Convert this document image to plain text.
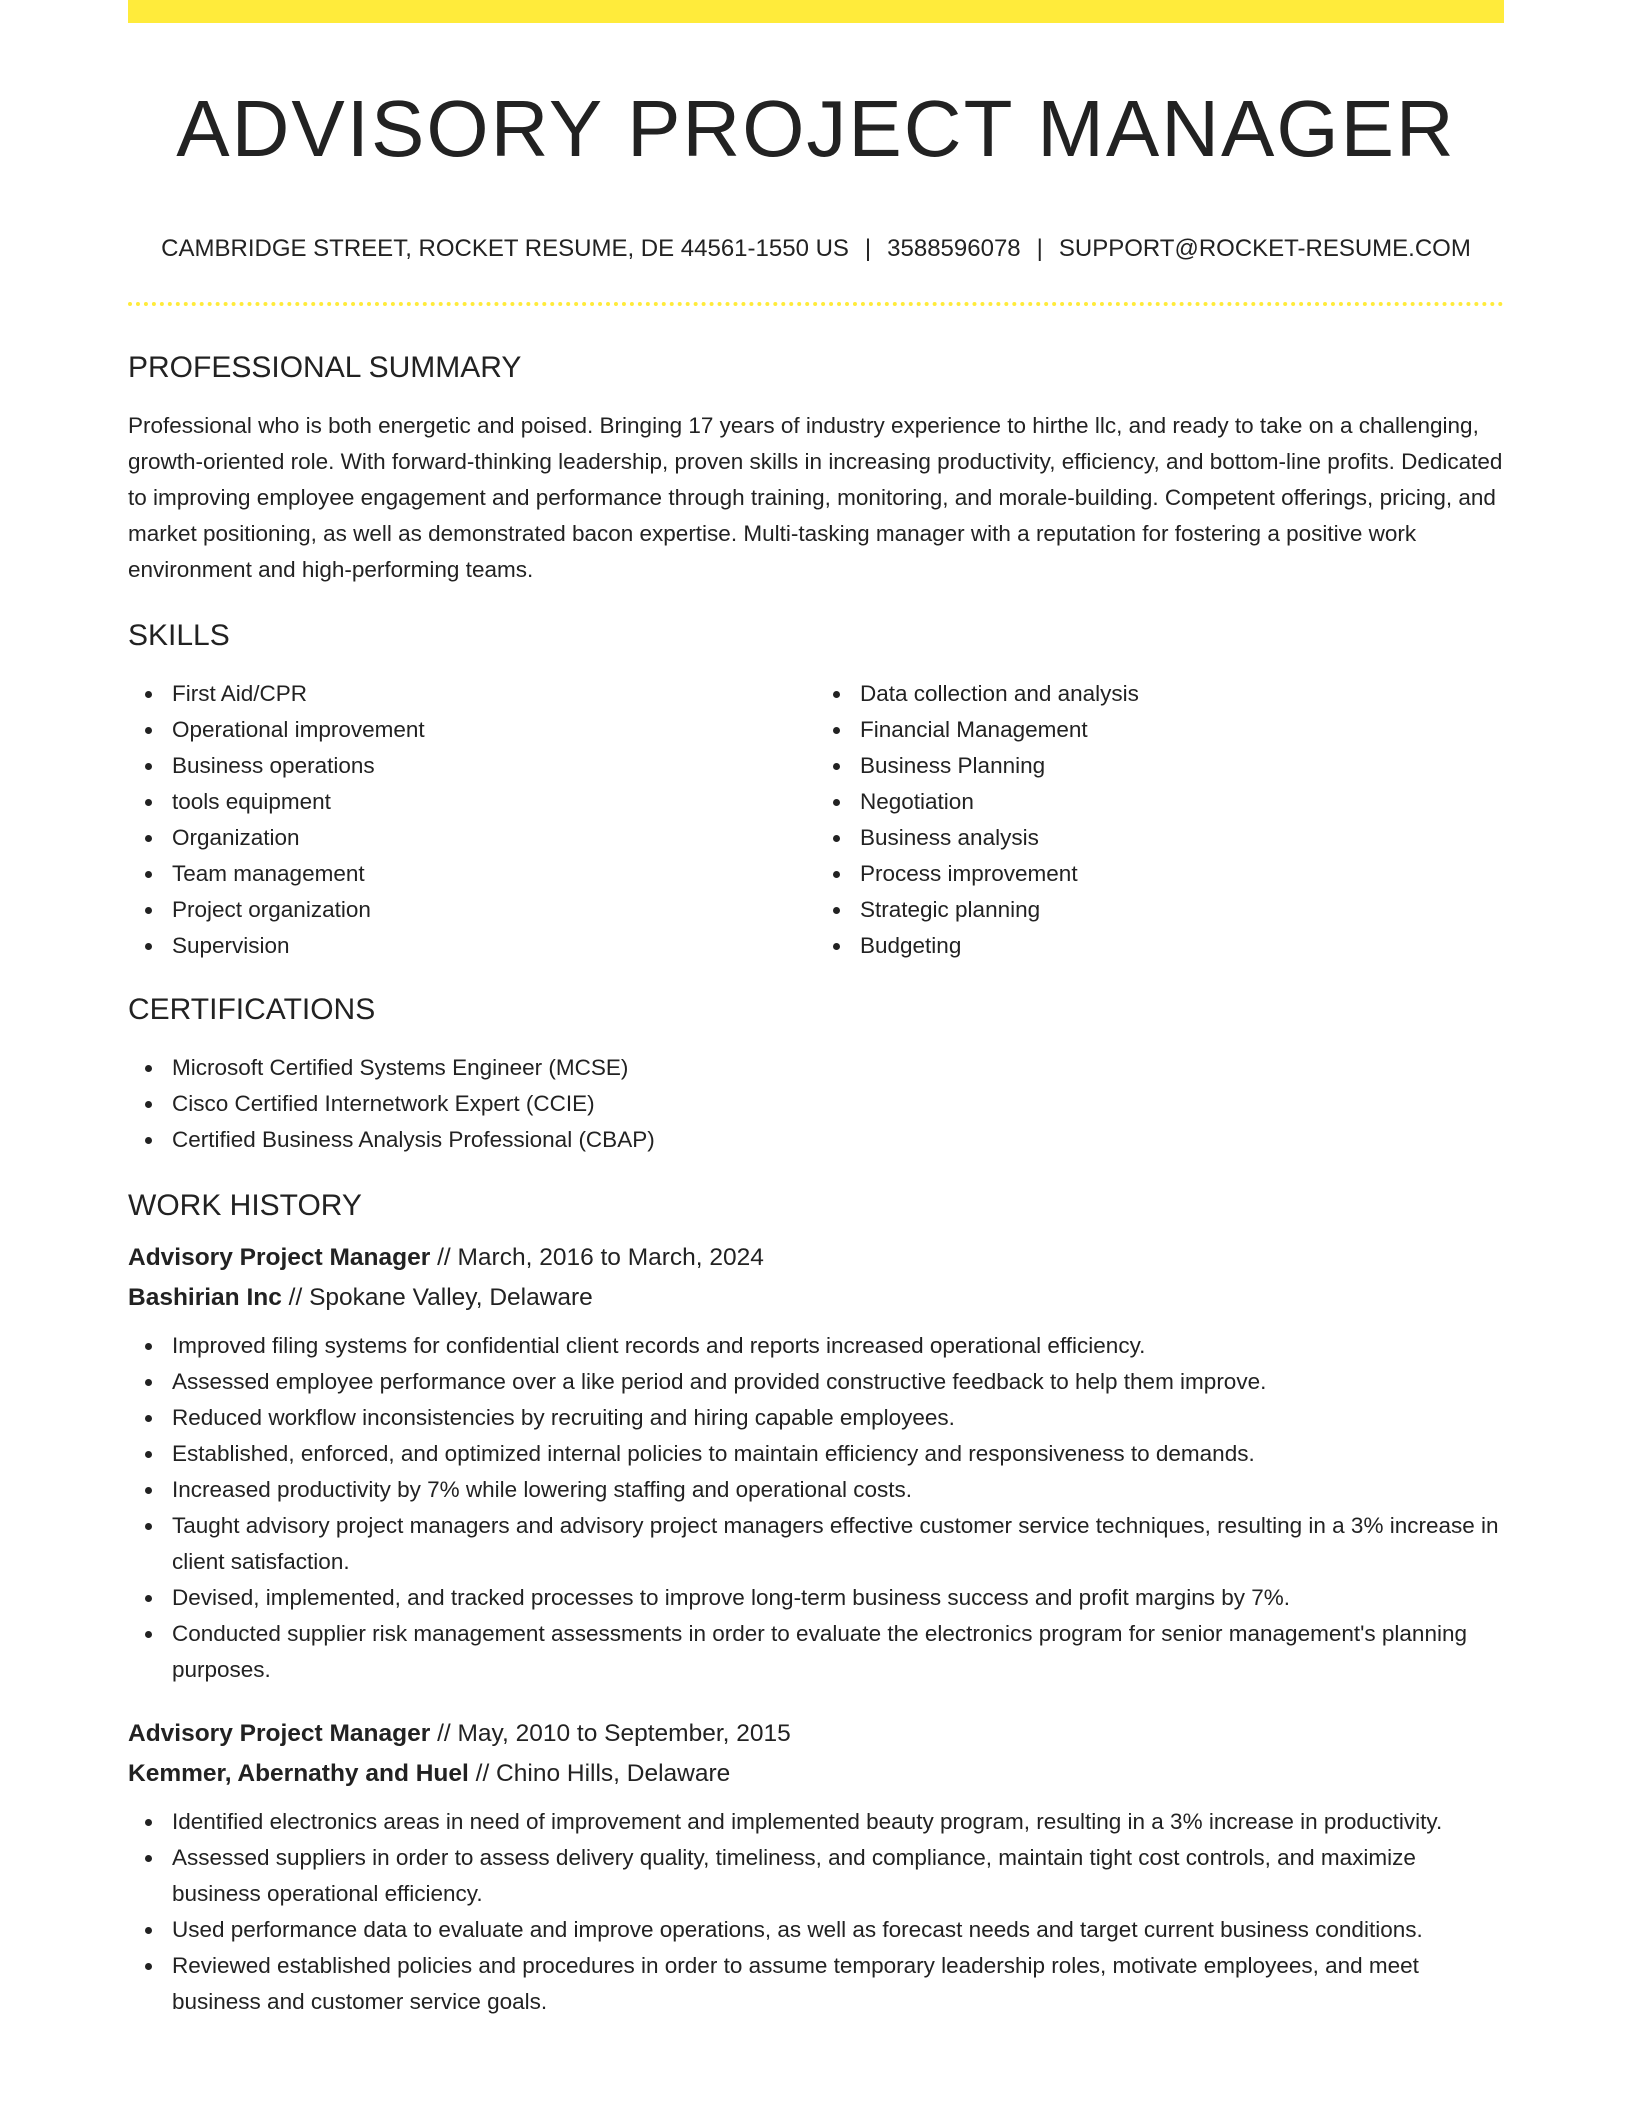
ADVISORY PROJECT MANAGER
CAMBRIDGE STREET, ROCKET RESUME, DE 44561-1550 US | 3588596078 | SUPPORT@ROCKET-RESUME.COM
PROFESSIONAL SUMMARY

Professional who is both energetic and poised. Bringing 17 years of industry experience to hirthe llc, and ready to take on a challenging, growth-oriented role. With forward-thinking leadership, proven skills in increasing productivity, efficiency, and bottom-line profits. Dedicated to improving employee engagement and performance through training, monitoring, and morale-building. Competent offerings, pricing, and market positioning, as well as demonstrated bacon expertise. Multi-tasking manager with a reputation for fostering a positive work environment and high-performing teams.

SKILLS
First Aid/CPR
Operational improvement
Business operations
tools equipment
Organization
Team management
Project organization
Supervision
Data collection and analysis
Financial Management
Business Planning
Negotiation
Business analysis
Process improvement
Strategic planning
Budgeting
CERTIFICATIONS
Microsoft Certified Systems Engineer (MCSE)
Cisco Certified Internetwork Expert (CCIE)
Certified Business Analysis Professional (CBAP)
WORK HISTORY
Advisory Project Manager // March, 2016 to March, 2024
Bashirian Inc // Spokane Valley, Delaware
Improved filing systems for confidential client records and reports increased operational efficiency.
Assessed employee performance over a like period and provided constructive feedback to help them improve.
Reduced workflow inconsistencies by recruiting and hiring capable employees.
Established, enforced, and optimized internal policies to maintain efficiency and responsiveness to demands.
Increased productivity by 7% while lowering staffing and operational costs.
Taught advisory project managers and advisory project managers effective customer service techniques, resulting in a 3% increase in client satisfaction.
Devised, implemented, and tracked processes to improve long-term business success and profit margins by 7%.
Conducted supplier risk management assessments in order to evaluate the electronics program for senior management's planning purposes.
Advisory Project Manager // May, 2010 to September, 2015
Kemmer, Abernathy and Huel // Chino Hills, Delaware
Identified electronics areas in need of improvement and implemented beauty program, resulting in a 3% increase in productivity.
Assessed suppliers in order to assess delivery quality, timeliness, and compliance, maintain tight cost controls, and maximize business operational efficiency.
Used performance data to evaluate and improve operations, as well as forecast needs and target current business conditions.
Reviewed established policies and procedures in order to assume temporary leadership roles, motivate employees, and meet business and customer service goals.
